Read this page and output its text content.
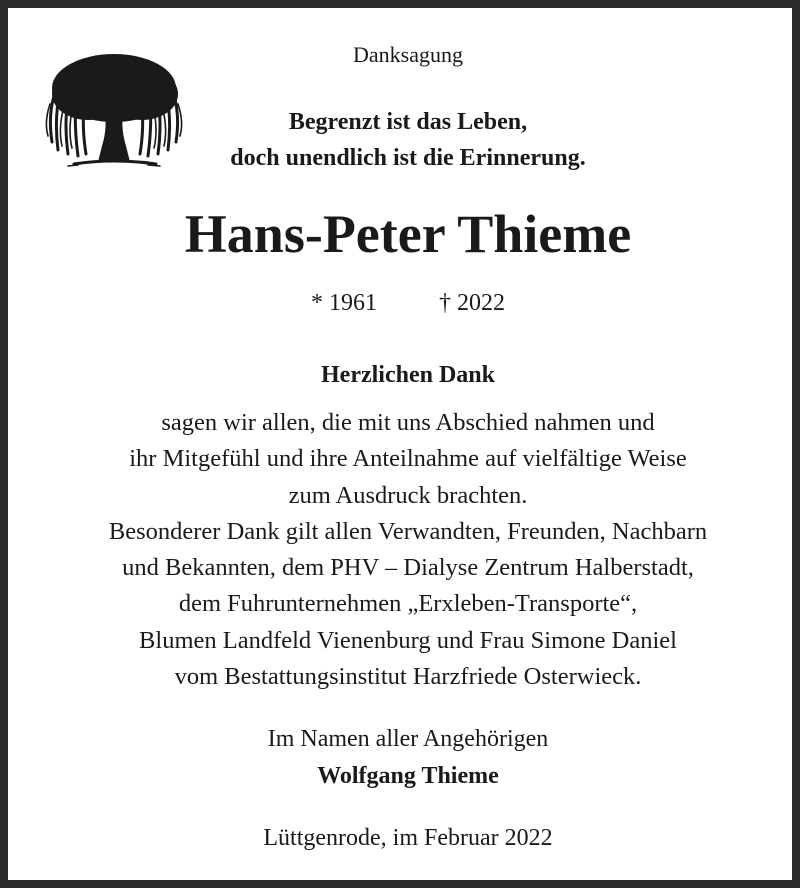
Danksagung
Begrenzt ist das Leben,
doch unendlich ist die Erinnerung.
Hans-Peter Thieme
* 1961	† 2022
Herzlichen Dank
sagen wir allen, die mit uns Abschied nahmen und
ihr Mitgefühl und ihre Anteilnahme auf vielfältige Weise
zum Ausdruck brachten.
Besonderer Dank gilt allen Verwandten, Freunden, Nachbarn
und Bekannten, dem PHV – Dialyse Zentrum Halberstadt,
dem Fuhrunternehmen „Erxleben-Transporte“,
Blumen Landfeld Vienenburg und Frau Simone Daniel
vom Bestattungsinstitut Harzfriede Osterwieck.
Im Namen aller Angehörigen
Wolfgang Thieme
Lüttgenrode, im Februar 2022
